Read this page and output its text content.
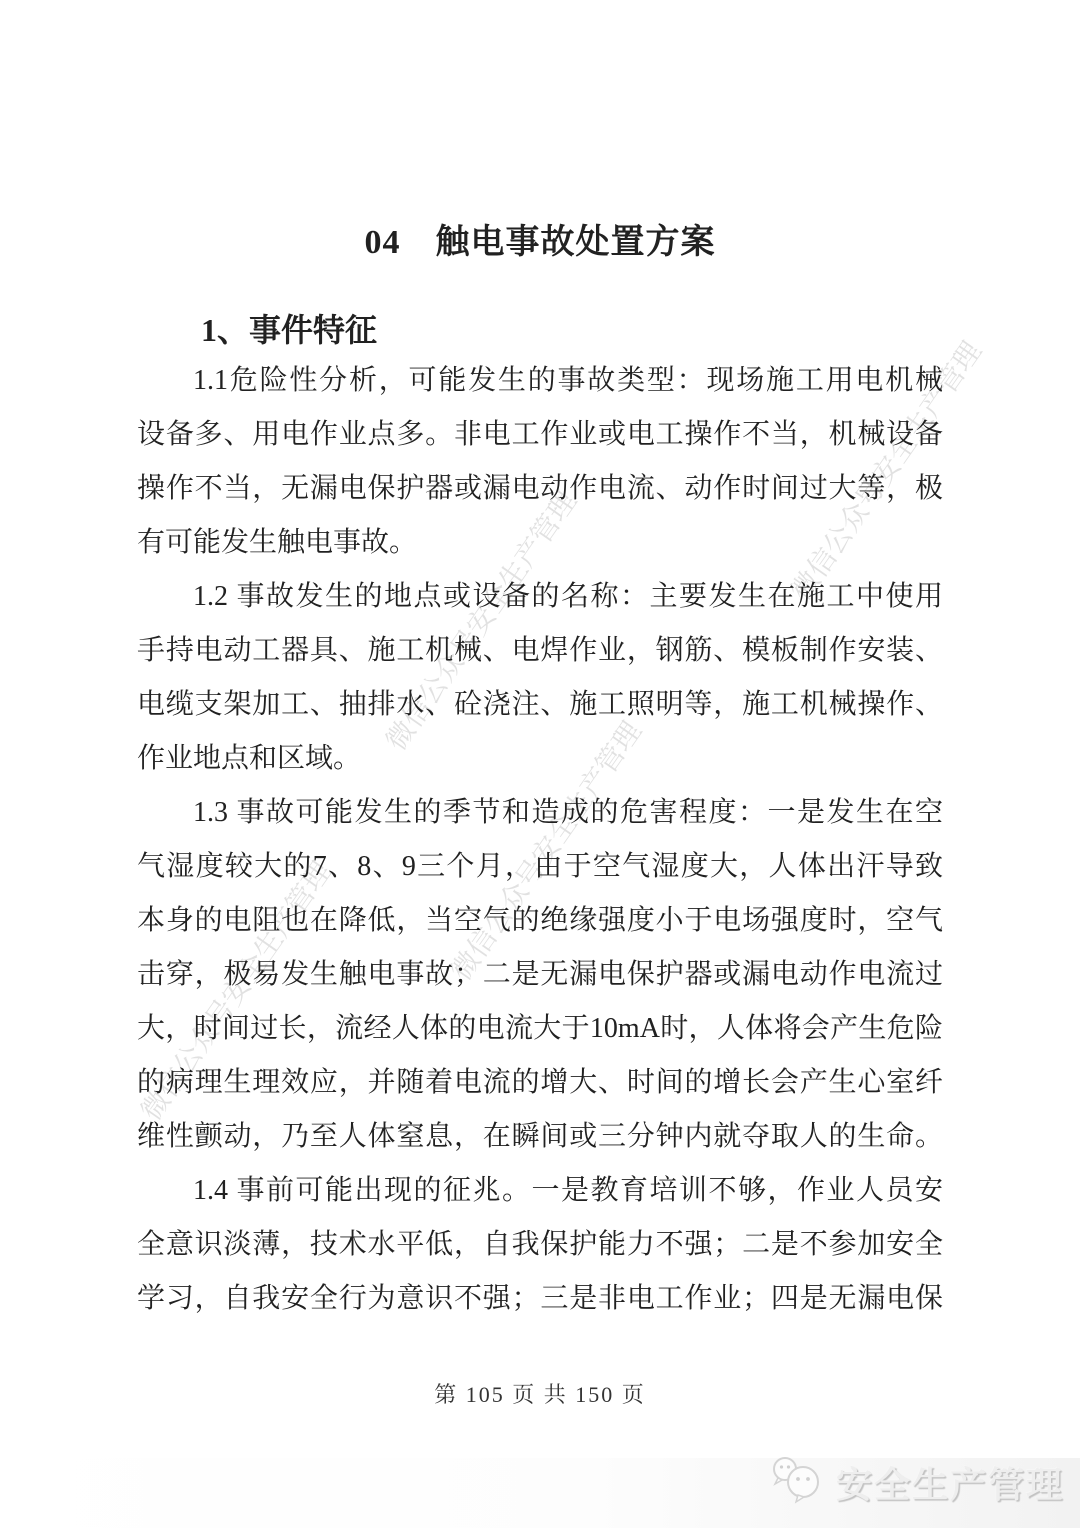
微信公众号安全生产管理
微信公众号安全生产管理
微信公众号安全生产管理
微信公众号安全生产管理
04　触电事故处置方案
1、事件特征
1.1危险性分析，可能发生的事故类型：现场施工用电机械
设备多、用电作业点多。非电工作业或电工操作不当，机械设备
操作不当，无漏电保护器或漏电动作电流、动作时间过大等，极
有可能发生触电事故。
1.2 事故发生的地点或设备的名称：主要发生在施工中使用
手持电动工器具、施工机械、电焊作业，钢筋、模板制作安装、
电缆支架加工、抽排水、砼浇注、施工照明等，施工机械操作、
作业地点和区域。
1.3 事故可能发生的季节和造成的危害程度：一是发生在空
气湿度较大的7、8、9三个月，由于空气湿度大，人体出汗导致
本身的电阻也在降低，当空气的绝缘强度小于电场强度时，空气
击穿，极易发生触电事故；二是无漏电保护器或漏电动作电流过
大，时间过长，流经人体的电流大于10mA时，人体将会产生危险
的病理生理效应，并随着电流的增大、时间的增长会产生心室纤
维性颤动，乃至人体窒息，在瞬间或三分钟内就夺取人的生命。
1.4 事前可能出现的征兆。一是教育培训不够，作业人员安
全意识淡薄，技术水平低，自我保护能力不强；二是不参加安全
学习，自我安全行为意识不强；三是非电工作业；四是无漏电保
第 105 页 共 150 页
安全生产管理
